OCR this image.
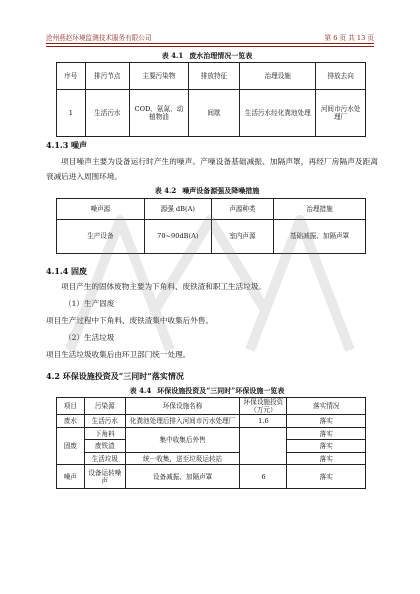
沧州燕赵环境监测技术服务有限公司	第 6 页 共 13 页
表 4.1 废水治理情况一览表
序号	排污节点	主要污染物	排放特征	治理设施	排放去向
1	生活污水	COD、氨氮、动植物油	间歇	生活污水经化粪池处理	河间市污水处理厂
4.1.3 噪声
项目噪声主要为设备运行时产生的噪声。产噪设备基础减振、加隔声罩，再经厂房隔声及距离衰减后进入周围环境。
表 4.2 噪声设备源强及降噪措施
噪声源	源强 dB(A)	声源种类	治理措施
生产设备	70~90dB(A)	室内声源	基础减振、加隔声罩
4.1.4 固废
项目产生的固体废物主要为下角料、废铁渣和职工生活垃圾。
（1）生产固废
项目生产过程中下角料、废铁渣集中收集后外售。
（2）生活垃圾
项目生活垃圾收集后由环卫部门统一处理。
4.2 环保设施投资及“三同时”落实情况
表 4.4 环保设施投资及“三同时”环保设施一览表
项目	污染源	环保设施名称	环保设施投资（万元）	落实情况
废水	生活污水	化粪池处理后排入河间市污水处理厂	1.6	落实
固废	下角料	集中收集后外售		落实
	废铁渣			落实
	生活垃圾	统一收集，送至垃圾运转站		落实
噪声	设备运转噪声	设备减振、加隔声罩	6	落实
